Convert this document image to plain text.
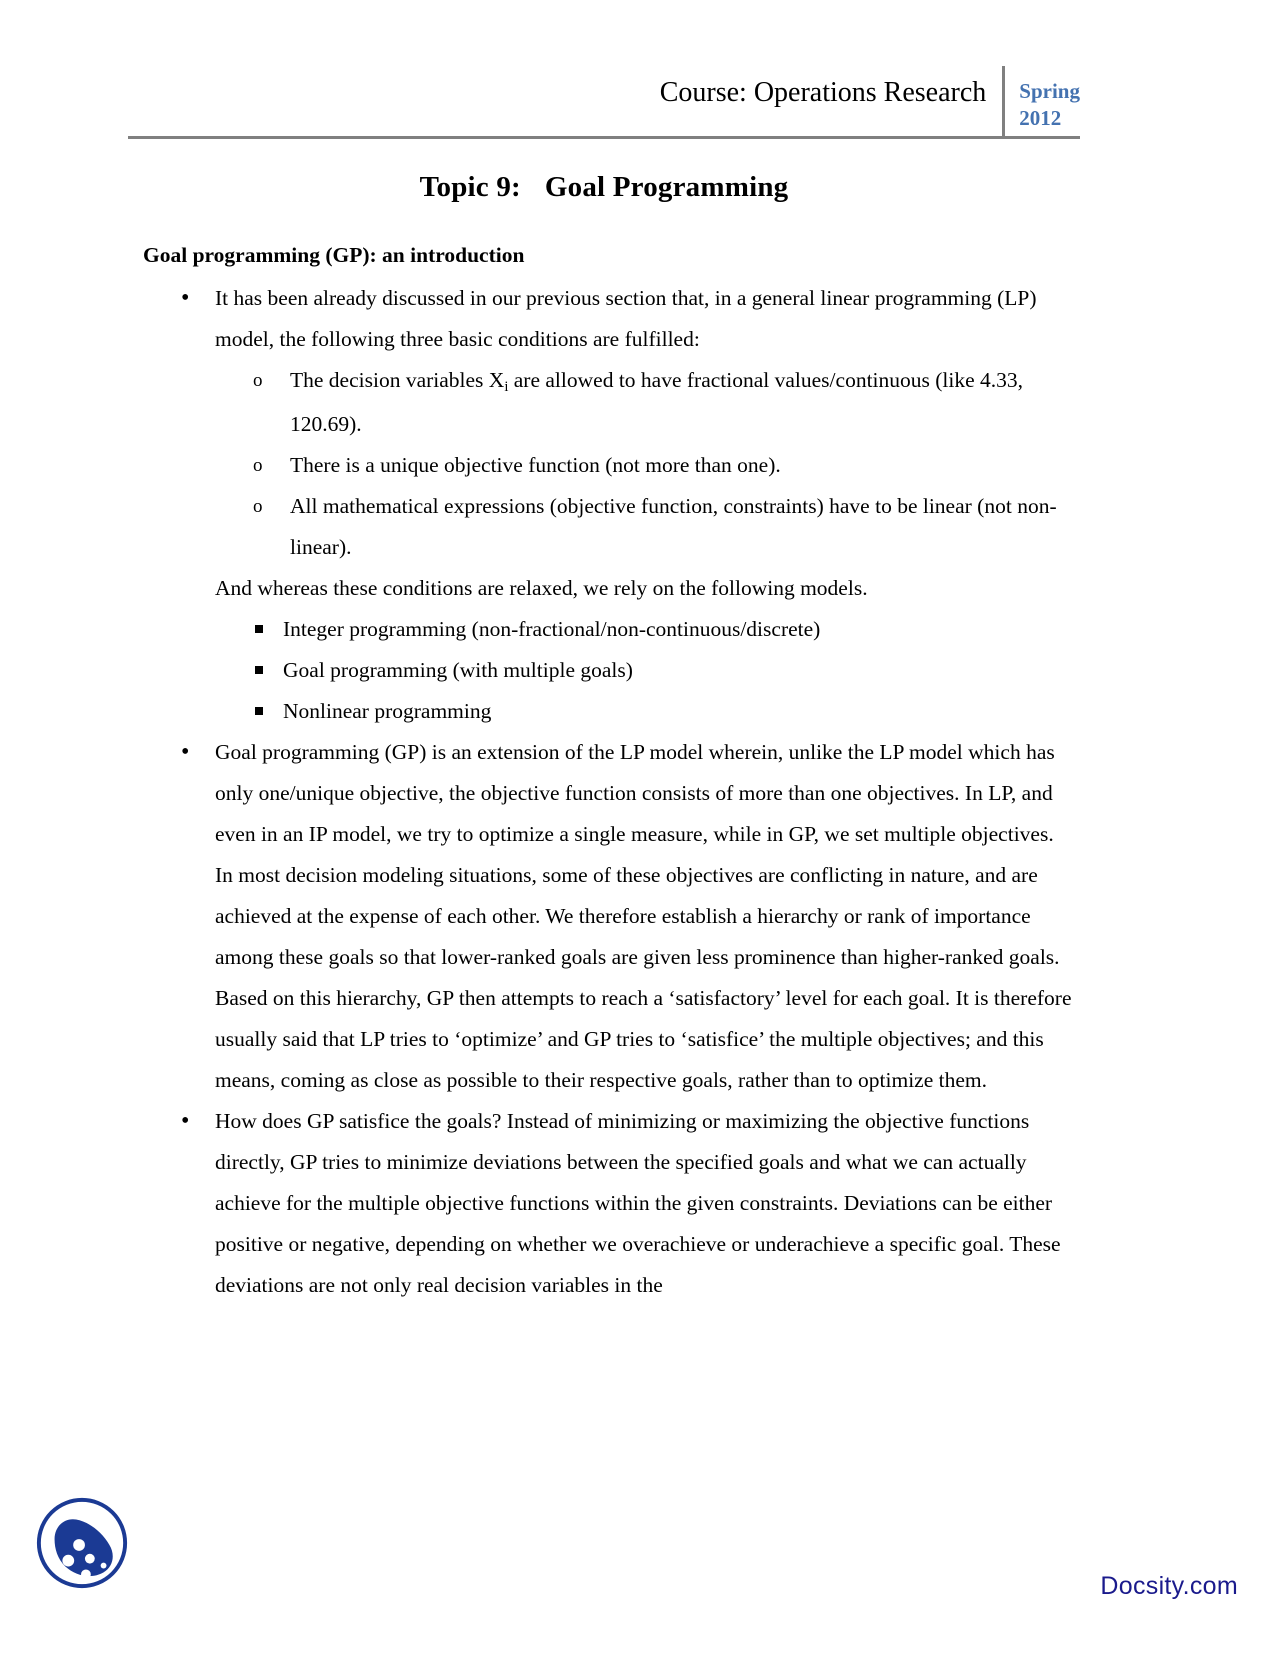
Course: Operations Research	Spring
2012
Topic 9: Goal Programming

Goal programming (GP): an introduction

• It has been already discussed in our previous section that, in a general linear programming (LP) model, the following three basic conditions are fulfilled:
o The decision variables $X_i$ are allowed to have fractional values/continuous (like 4.33, 120.69).
o There is a unique objective function (not more than one).
o All mathematical expressions (objective function, constraints) have to be linear (not non-linear).

And whereas these conditions are relaxed, we rely on the following models.

Integer programming (non-fractional/non-continuous/discrete)
Goal programming (with multiple goals)
Nonlinear programming
• Goal programming (GP) is an extension of the LP model wherein, unlike the LP model which has only one/unique objective, the objective function consists of more than one objectives. In LP, and even in an IP model, we try to optimize a single measure, while in GP, we set multiple objectives. In most decision modeling situations, some of these objectives are conflicting in nature, and are achieved at the expense of each other. We therefore establish a hierarchy or rank of importance among these goals so that lower-ranked goals are given less prominence than higher-ranked goals. Based on this hierarchy, GP then attempts to reach a ‘satisfactory’ level for each goal. It is therefore usually said that LP tries to ‘optimize’ and GP tries to ‘satisfice’ the multiple objectives; and this means, coming as close as possible to their respective goals, rather than to optimize them.
• How does GP satisfice the goals? Instead of minimizing or maximizing the objective functions directly, GP tries to minimize deviations between the specified goals and what we can actually achieve for the multiple objective functions within the given constraints. Deviations can be either positive or negative, depending on whether we overachieve or underachieve a specific goal. These deviations are not only real decision variables in the
Docsity.com
